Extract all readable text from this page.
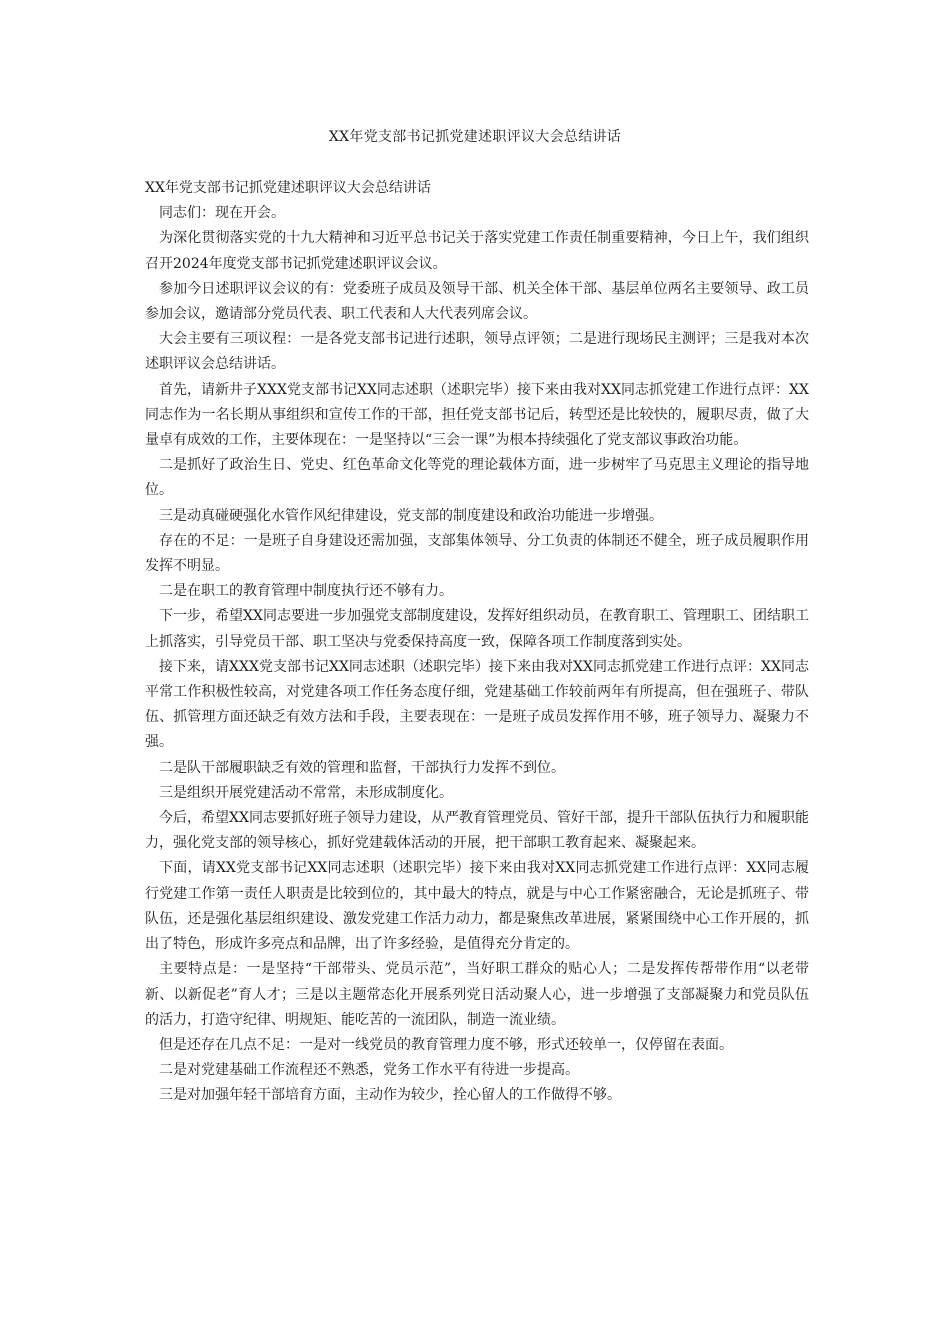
XX年党支部书记抓党建述职评议大会总结讲话

XX年党支部书记抓党建述职评议大会总结讲话

同志们：现在开会。

为深化贯彻落实党的十九大精神和习近平总书记关于落实党建工作责任制重要精神，今日上午，我们组织召开2024年度党支部书记抓党建述职评议会议。

参加今日述职评议会议的有：党委班子成员及领导干部、机关全体干部、基层单位两名主要领导、政工员参加会议，邀请部分党员代表、职工代表和人大代表列席会议。

大会主要有三项议程：一是各党支部书记进行述职，领导点评领；二是进行现场民主测评；三是我对本次述职评议会总结讲话。

首先，请新井子XXX党支部书记XX同志述职（述职完毕）接下来由我对XX同志抓党建工作进行点评：XX同志作为一名长期从事组织和宣传工作的干部，担任党支部书记后，转型还是比较快的，履职尽责，做了大量卓有成效的工作，主要体现在：一是坚持以“三会一课”为根本持续强化了党支部议事政治功能。

二是抓好了政治生日、党史、红色革命文化等党的理论载体方面，进一步树牢了马克思主义理论的指导地位。

三是动真碰硬强化水管作风纪律建设，党支部的制度建设和政治功能进一步增强。

存在的不足：一是班子自身建设还需加强，支部集体领导、分工负责的体制还不健全，班子成员履职作用发挥不明显。

二是在职工的教育管理中制度执行还不够有力。

下一步，希望XX同志要进一步加强党支部制度建设，发挥好组织动员，在教育职工、管理职工、团结职工上抓落实，引导党员干部、职工坚决与党委保持高度一致，保障各项工作制度落到实处。

接下来，请XXX党支部书记XX同志述职（述职完毕）接下来由我对XX同志抓党建工作进行点评：XX同志平常工作积极性较高，对党建各项工作任务态度仔细，党建基础工作较前两年有所提高，但在强班子、带队伍、抓管理方面还缺乏有效方法和手段，主要表现在：一是班子成员发挥作用不够，班子领导力、凝聚力不强。

二是队干部履职缺乏有效的管理和监督，干部执行力发挥不到位。

三是组织开展党建活动不常常，未形成制度化。

今后，希望XX同志要抓好班子领导力建设，从严教育管理党员、管好干部，提升干部队伍执行力和履职能力，强化党支部的领导核心，抓好党建载体活动的开展，把干部职工教育起来、凝聚起来。

下面，请XX党支部书记XX同志述职（述职完毕）接下来由我对XX同志抓党建工作进行点评：XX同志履行党建工作第一责任人职责是比较到位的，其中最大的特点，就是与中心工作紧密融合，无论是抓班子、带队伍，还是强化基层组织建设、激发党建工作活力动力，都是聚焦改革进展，紧紧围绕中心工作开展的，抓出了特色，形成许多亮点和品牌，出了许多经验，是值得充分肯定的。

主要特点是：一是坚持“干部带头、党员示范”，当好职工群众的贴心人；二是发挥传帮带作用“以老带新、以新促老”育人才；三是以主题常态化开展系列党日活动聚人心，进一步增强了支部凝聚力和党员队伍的活力，打造守纪律、明规矩、能吃苦的一流团队，制造一流业绩。

但是还存在几点不足：一是对一线党员的教育管理力度不够，形式还较单一，仅停留在表面。

二是对党建基础工作流程还不熟悉，党务工作水平有待进一步提高。

三是对加强年轻干部培育方面，主动作为较少，拴心留人的工作做得不够。
